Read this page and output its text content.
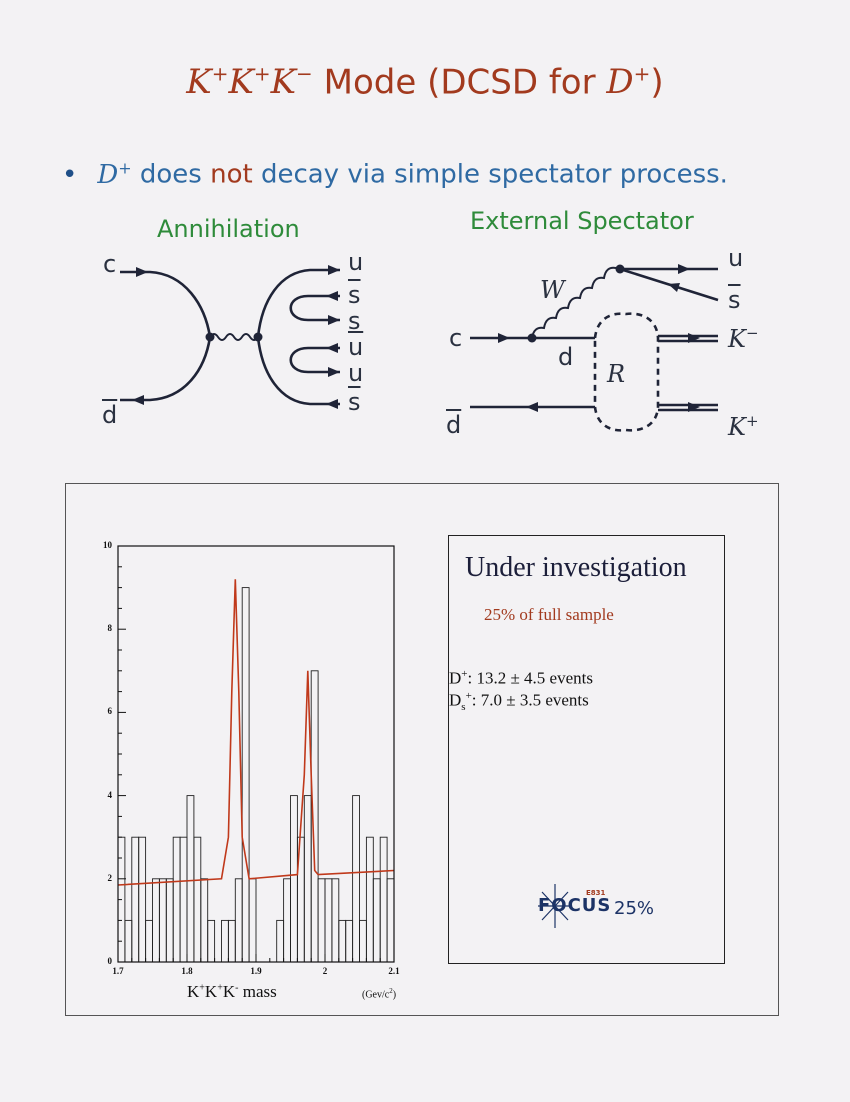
K+K+K− Mode (DCSD for D+)
• D+ does not decay via simple spectator process.
Annihilation	External Spectator
c
$\overline{d}$
u
$\overline{s}$
s
$\overline{u}$
u
$\overline{s}$
W
u
$\overline{s}$
c
d
R
$\overline{d}$
K−
K+
0
2
4
6
8
10
1.7	1.8	1.9	2	2.1
K+K+K- mass	$(Gev/c^2)$
Under investigation
25% of full sample
D+: 13.2 ± 4.5 events
$D_s^+$: 7.0 ± 3.5 events
FOCUS
E831
25%
